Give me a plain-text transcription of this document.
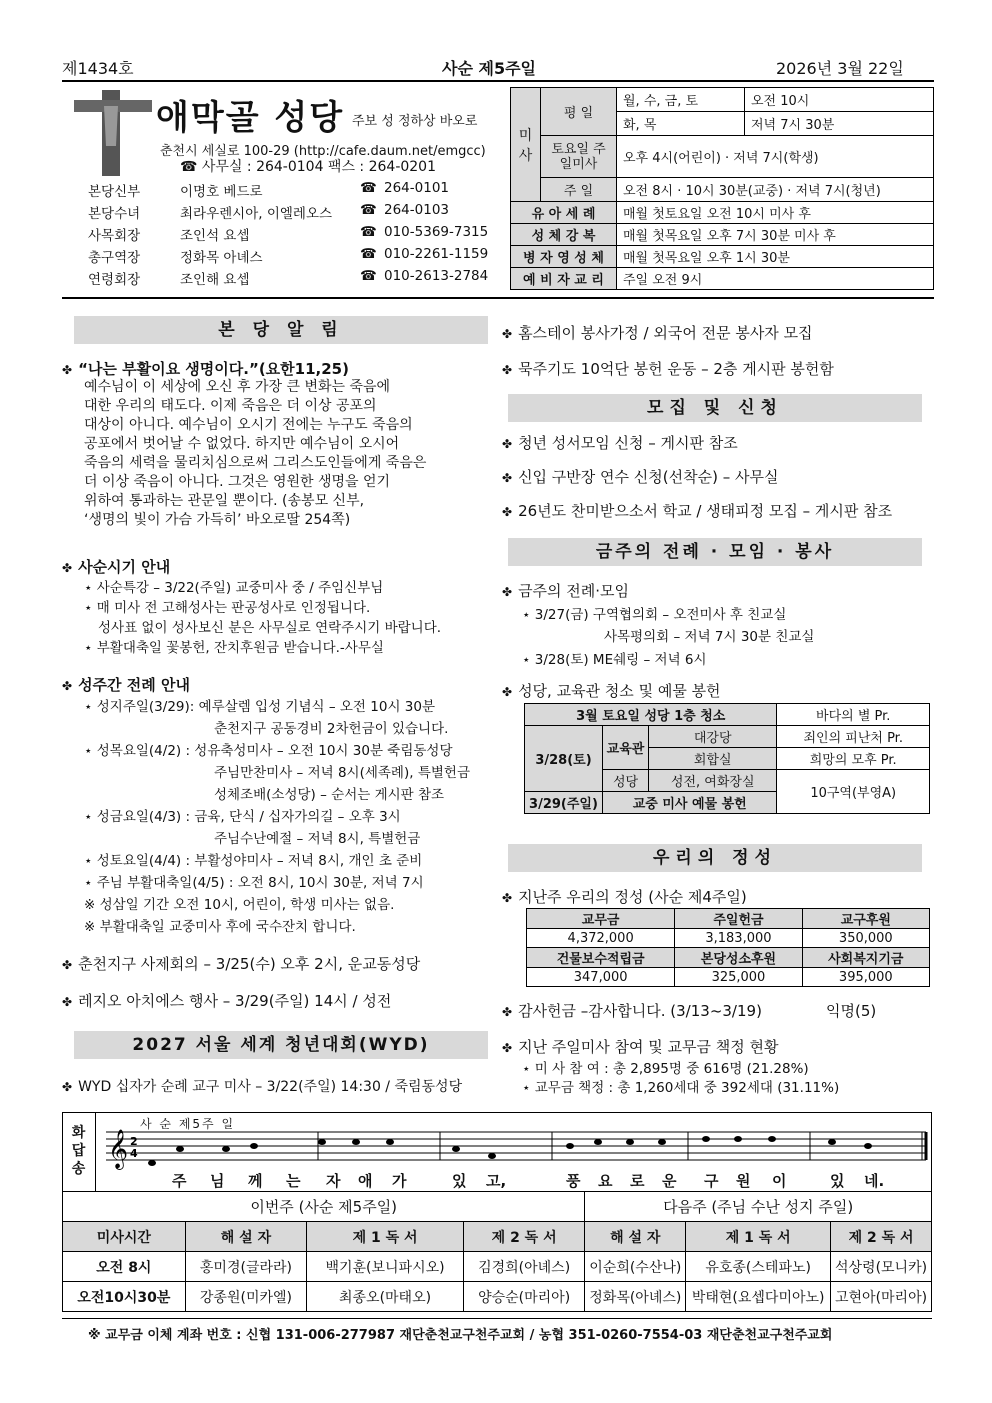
제1434호	사순 제5주일	2026년 3월 22일
애막골 성당 주보 성 정하상 바오로
춘천시 세실로 100-29 (http://cafe.daum.net/emgcc)
☎ 사무실 : 264-0104 팩스 : 264-0201
본당신부	이명호 베드로	☎ 264-0101
본당수녀	최라우렌시아, 이엘레오스 ☎ 264-0103
사목회장	조인석 요셉	☎ 010-5369-7315
총구역장	정화목 아녜스	☎ 010-2261-1159
연령회장	조인해 요셉	☎ 010-2613-2784
미사	평 일	월, 수, 금, 토	오전 10시
		화, 목	저녁 7시 30분
	토요일 주일미사	오후 4시(어린이) · 저녁 7시(학생)	
	주 일	오전 8시 · 10시 30분(교중) · 저녁 7시(청년)	
유 아 세 례		매월 첫토요일 오전 10시 미사 후	
성 체 강 복		매월 첫목요일 오후 7시 30분 미사 후	
병 자 영 성 체		매월 첫목요일 오후 1시 30분	
예 비 자 교 리		주일 오전 9시	
본 당 알 림
✤ “나는 부활이요 생명이다.”(요한11,25)
예수님이 이 세상에 오신 후 가장 큰 변화는 죽음에
대한 우리의 태도다. 이제 죽음은 더 이상 공포의
대상이 아니다. 예수님이 오시기 전에는 누구도 죽음의
공포에서 벗어날 수 없었다. 하지만 예수님이 오시어
죽음의 세력을 물리치심으로써 그리스도인들에게 죽음은
더 이상 죽음이 아니다. 그것은 영원한 생명을 얻기
위하여 통과하는 관문일 뿐이다. (송봉모 신부,
‘생명의 빛이 가슴 가득히’ 바오로딸 254쪽)
✤ 사순시기 안내
⋆ 사순특강 – 3/22(주일) 교중미사 중 / 주임신부님
⋆ 매 미사 전 고해성사는 판공성사로 인정됩니다.
성사표 없이 성사보신 분은 사무실로 연락주시기 바랍니다.
⋆ 부활대축일 꽃봉헌, 잔치후원금 받습니다.-사무실
✤ 성주간 전례 안내
⋆ 성지주일(3/29): 예루살렘 입성 기념식 – 오전 10시 30분
춘천지구 공동경비 2차헌금이 있습니다.
⋆ 성목요일(4/2) : 성유축성미사 – 오전 10시 30분 죽림동성당
주님만찬미사 – 저녁 8시(세족례), 특별헌금
성체조배(소성당) – 순서는 게시판 참조
⋆ 성금요일(4/3) : 금육, 단식 / 십자가의길 – 오후 3시
주님수난예절 – 저녁 8시, 특별헌금
⋆ 성토요일(4/4) : 부활성야미사 – 저녁 8시, 개인 초 준비
⋆ 주님 부활대축일(4/5) : 오전 8시, 10시 30분, 저녁 7시
※ 성삼일 기간 오전 10시, 어린이, 학생 미사는 없음.
※ 부활대축일 교중미사 후에 국수잔치 합니다.
✤ 춘천지구 사제회의 – 3/25(수) 오후 2시, 운교동성당
✤ 레지오 아치에스 행사 – 3/29(주일) 14시 / 성전
2027 서울 세계 청년대회(WYD)
✤ WYD 십자가 순례 교구 미사 – 3/22(주일) 14:30 / 죽림동성당
✤ 홈스테이 봉사가정 / 외국어 전문 봉사자 모집
✤ 묵주기도 10억단 봉헌 운동 – 2층 게시판 봉헌함
모집 및 신청
✤ 청년 성서모임 신청 – 게시판 참조
✤ 신입 구반장 연수 신청(선착순) – 사무실
✤ 26년도 찬미받으소서 학교 / 생태피정 모집 – 게시판 참조
금주의 전례 · 모임 · 봉사
✤ 금주의 전례·모임
⋆ 3/27(금) 구역협의회 – 오전미사 후 친교실
사목평의회 – 저녁 7시 30분 친교실
⋆ 3/28(토) ME쉐링 – 저녁 6시
✤ 성당, 교육관 청소 및 예물 봉헌
3월 토요일 성당 1층 청소			바다의 별 Pr.
3/28(토)	교육관	대강당	죄인의 피난처 Pr.
		회합실	희망의 모후 Pr.
	성당	성전, 여화장실	10구역(부영A)
3/29(주일)	교중 미사 예물 봉헌		
우리의 정성
✤ 지난주 우리의 정성 (사순 제4주일)
교무금	주일헌금	교구후원
4,372,000	3,183,000	350,000
건물보수적립금	본당성소후원	사회복지기금
347,000	325,000	395,000
✤ 감사헌금 –감사합니다. (3/13~3/19)	익명(5)
✤ 지난 주일미사 참여 및 교무금 책정 현황
⋆ 미 사 참 여 : 총 2,895명 중 616명 (21.28%)
⋆ 교무금 책정 : 총 1,260세대 중 392세대 (31.11%)
화답송
사 순 제5주 일
𝄞 2
4
주 님 께 는 자 애 가	있 고,	풍 요 로 운 구 원 이	있 네.
이번주 (사순 제5주일)				다음주 (주님 수난 성지 주일)		
미사시간	해 설 자	제 1 독 서	제 2 독 서	해 설 자	제 1 독 서	제 2 독 서
오전 8시	홍미경(글라라)	백기훈(보니파시오)	김경희(아녜스)	이순희(수산나)	유호종(스테파노)	석상령(모니카)
오전10시30분	강종원(미카엘)	최종오(마태오)	양승순(마리아)	정화목(아녜스)	박태현(요셉다미아노)	고현아(마리아)
※ 교무금 이체 계좌 번호 : 신협 131-006-277987 재단춘천교구천주교회 / 농협 351-0260-7554-03 재단춘천교구천주교회
